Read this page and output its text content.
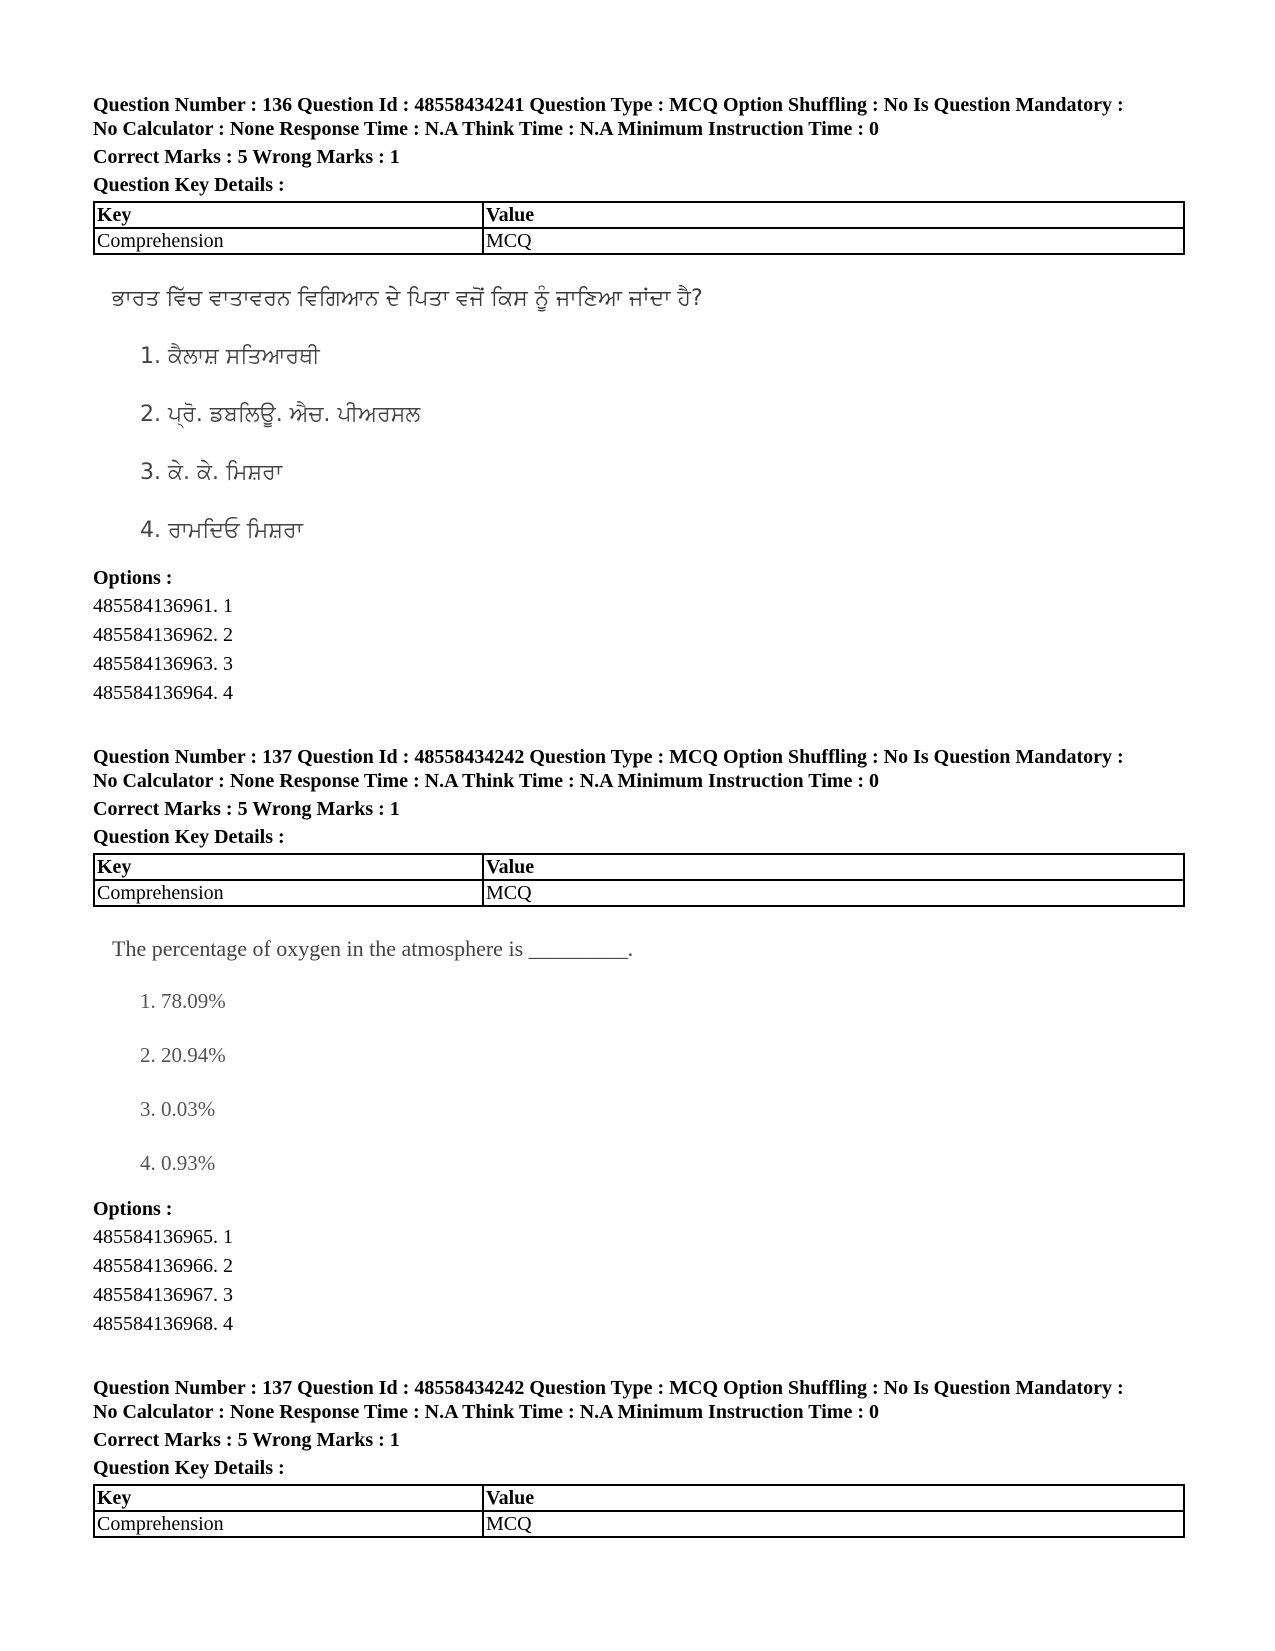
Question Number : 136 Question Id : 48558434241 Question Type : MCQ Option Shuffling : No Is Question Mandatory :

No Calculator : None Response Time : N.A Think Time : N.A Minimum Instruction Time : 0

Correct Marks : 5 Wrong Marks : 1
Question Key Details :
Key	Value
Comprehension	MCQ
ਭਾਰਤ ਵਿੱਚ ਵਾਤਾਵਰਨ ਵਿਗਿਆਨ ਦੇ ਪਿਤਾ ਵਜੋਂ ਕਿਸ ਨੂੰ ਜਾਣਿਆ ਜਾਂਦਾ ਹੈ?
1. ਕੈਲਾਸ਼ ਸਤਿਆਰਥੀ
2. ਪ੍ਰੋ. ਡਬਲਿਊ. ਐਚ. ਪੀਅਰਸਲ
3. ਕੇ. ਕੇ. ਮਿਸ਼ਰਾ
4. ਰਾਮਦਿਓ ਮਿਸ਼ਰਾ
Options :
485584136961. 1
485584136962. 2
485584136963. 3
485584136964. 4

Question Number : 137 Question Id : 48558434242 Question Type : MCQ Option Shuffling : No Is Question Mandatory :

No Calculator : None Response Time : N.A Think Time : N.A Minimum Instruction Time : 0

Correct Marks : 5 Wrong Marks : 1
Question Key Details :
Key	Value
Comprehension	MCQ
The percentage of oxygen in the atmosphere is _________.
1. 78.09%
2. 20.94%
3. 0.03%
4. 0.93%
Options :
485584136965. 1
485584136966. 2
485584136967. 3
485584136968. 4

Question Number : 137 Question Id : 48558434242 Question Type : MCQ Option Shuffling : No Is Question Mandatory :

No Calculator : None Response Time : N.A Think Time : N.A Minimum Instruction Time : 0

Correct Marks : 5 Wrong Marks : 1
Question Key Details :
Key	Value
Comprehension	MCQ
